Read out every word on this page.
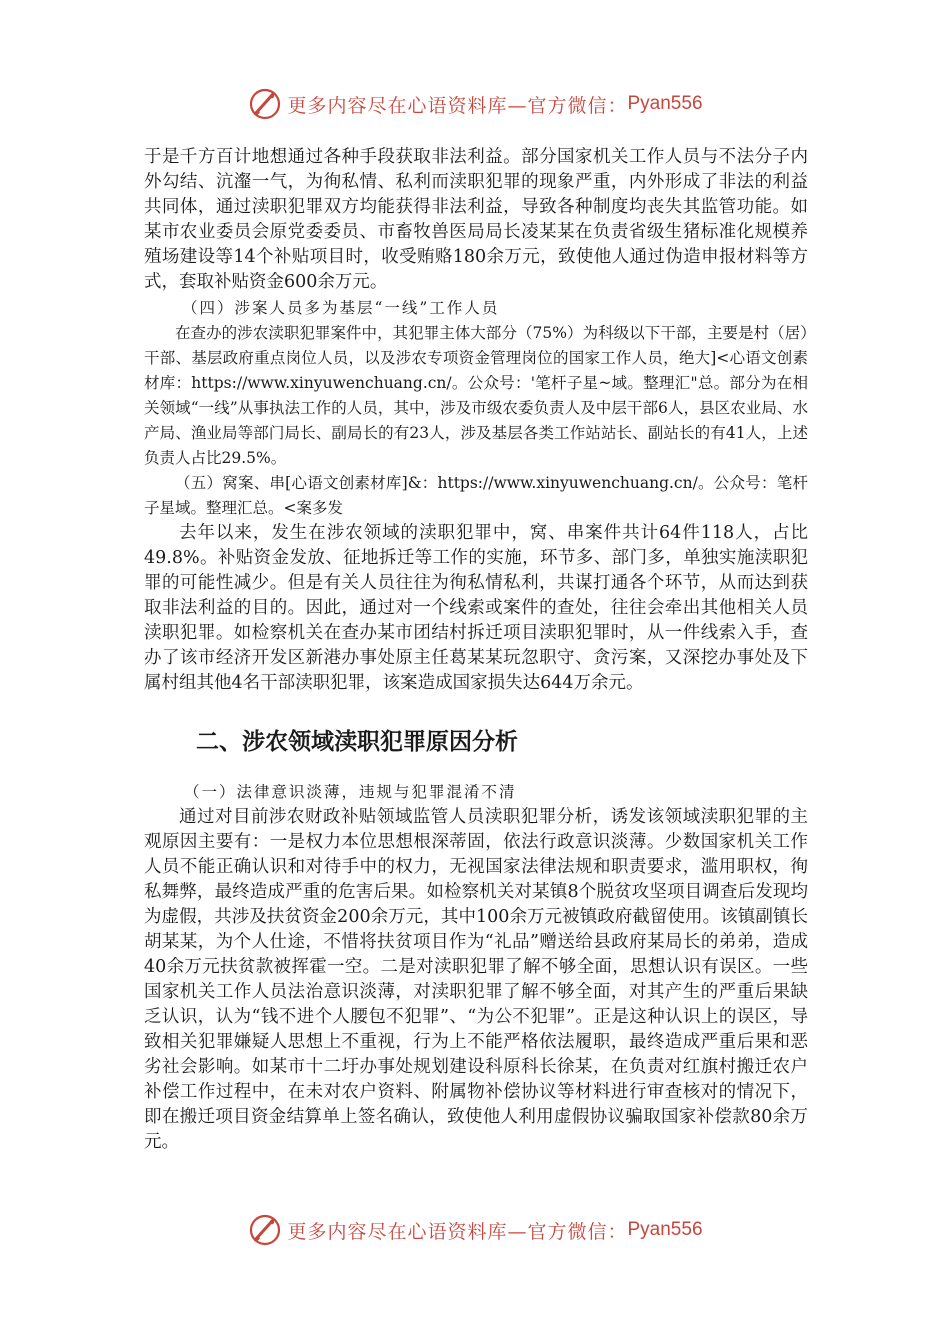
更多内容尽在心语资料库—官方微信： Pyan556

于是千方百计地想通过各种手段获取非法利益。部分国家机关工作人员与不法分子内外勾结、沆瀣一气，为徇私情、私利而渎职犯罪的现象严重，内外形成了非法的利益共同体，通过渎职犯罪双方均能获得非法利益，导致各种制度均丧失其监管功能。如某市农业委员会原党委委员、市畜牧兽医局局长凌某某在负责省级生猪标准化规模养殖场建设等14个补贴项目时，收受贿赂180余万元，致使他人通过伪造申报材料等方式，套取补贴资金600余万元。

（四）涉案人员多为基层“一线”工作人员

在查办的涉农渎职犯罪案件中，其犯罪主体大部分（75%）为科级以下干部，主要是村（居）干部、基层政府重点岗位人员，以及涉农专项资金管理岗位的国家工作人员，绝大]<心语文创素材库：https://www.xinyuwenchuang.cn/。公众号：'笔杆子星~域。整理汇"总。部分为在相关领域“一线”从事执法工作的人员，其中，涉及市级农委负责人及中层干部6人，县区农业局、水产局、渔业局等部门局长、副局长的有23人，涉及基层各类工作站站长、副站长的有41人，上述负责人占比29.5%。

（五）窝案、串[心语文创素材库]&：https://www.xinyuwenchuang.cn/。公众号：笔杆子星域。整理汇总。<案多发

去年以来，发生在涉农领域的渎职犯罪中，窝、串案件共计64件118人，占比49.8%。补贴资金发放、征地拆迁等工作的实施，环节多、部门多，单独实施渎职犯罪的可能性减少。但是有关人员往往为徇私情私利，共谋打通各个环节，从而达到获取非法利益的目的。因此，通过对一个线索或案件的查处，往往会牵出其他相关人员渎职犯罪。如检察机关在查办某市团结村拆迁项目渎职犯罪时，从一件线索入手，查办了该市经济开发区新港办事处原主任葛某某玩忽职守、贪污案，又深挖办事处及下属村组其他4名干部渎职犯罪，该案造成国家损失达644万余元。

二、涉农领域渎职犯罪原因分析

（一）法律意识淡薄，违规与犯罪混淆不清

通过对目前涉农财政补贴领域监管人员渎职犯罪分析，诱发该领域渎职犯罪的主观原因主要有：一是权力本位思想根深蒂固，依法行政意识淡薄。少数国家机关工作人员不能正确认识和对待手中的权力，无视国家法律法规和职责要求，滥用职权，徇私舞弊，最终造成严重的危害后果。如检察机关对某镇8个脱贫攻坚项目调查后发现均为虚假，共涉及扶贫资金200余万元，其中100余万元被镇政府截留使用。该镇副镇长胡某某，为个人仕途，不惜将扶贫项目作为“礼品”赠送给县政府某局长的弟弟，造成40余万元扶贫款被挥霍一空。二是对渎职犯罪了解不够全面，思想认识有误区。一些国家机关工作人员法治意识淡薄，对渎职犯罪了解不够全面，对其产生的严重后果缺乏认识，认为“钱不进个人腰包不犯罪”、“为公不犯罪”。正是这种认识上的误区，导致相关犯罪嫌疑人思想上不重视，行为上不能严格依法履职，最终造成严重后果和恶劣社会影响。如某市十二圩办事处规划建设科原科长徐某，在负责对红旗村搬迁农户补偿工作过程中，在未对农户资料、附属物补偿协议等材料进行审查核对的情况下，即在搬迁项目资金结算单上签名确认，致使他人利用虚假协议骗取国家补偿款80余万元。

更多内容尽在心语资料库—官方微信： Pyan556
